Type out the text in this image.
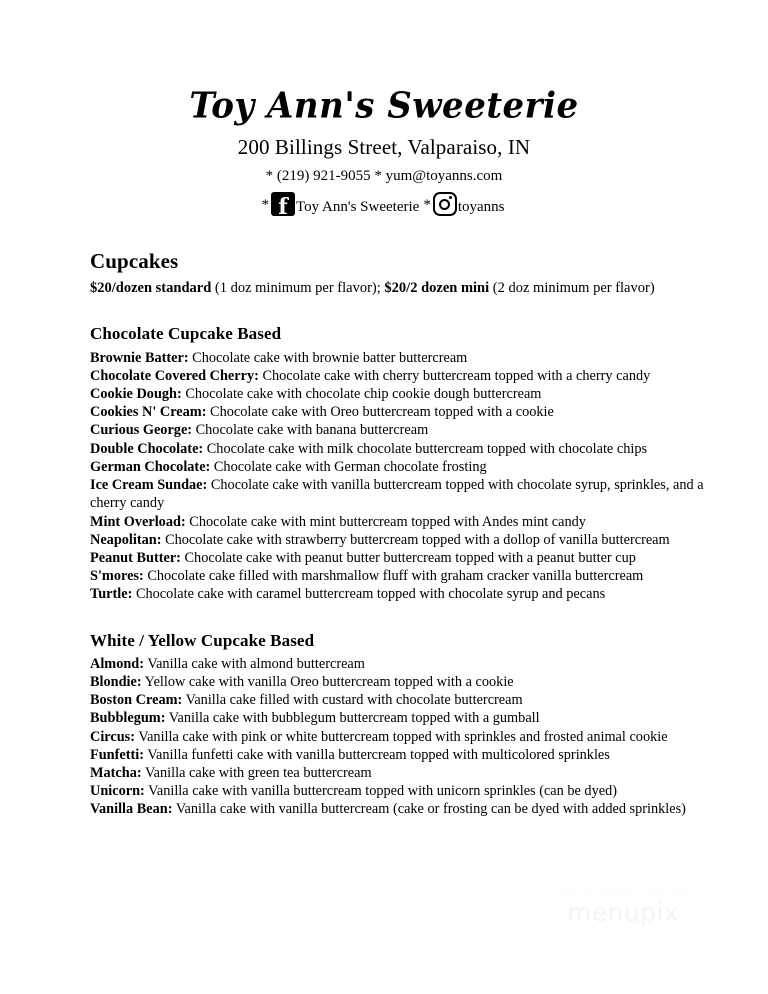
Toy Ann's Sweeterie
200 Billings Street, Valparaiso, IN
* (219) 921-9055 * yum@toyanns.com
* f Toy Ann's Sweeterie * toyanns
Cupcakes
$20/dozen standard (1 doz minimum per flavor); $20/2 dozen mini (2 doz minimum per flavor)
Chocolate Cupcake Based
Brownie Batter: Chocolate cake with brownie batter buttercream
Chocolate Covered Cherry: Chocolate cake with cherry buttercream topped with a cherry candy
Cookie Dough: Chocolate cake with chocolate chip cookie dough buttercream
Cookies N' Cream: Chocolate cake with Oreo buttercream topped with a cookie
Curious George: Chocolate cake with banana buttercream
Double Chocolate: Chocolate cake with milk chocolate buttercream topped with chocolate chips
German Chocolate: Chocolate cake with German chocolate frosting
Ice Cream Sundae: Chocolate cake with vanilla buttercream topped with chocolate syrup, sprinkles, and a cherry candy
Mint Overload: Chocolate cake with mint buttercream topped with Andes mint candy
Neapolitan: Chocolate cake with strawberry buttercream topped with a dollop of vanilla buttercream
Peanut Butter: Chocolate cake with peanut butter buttercream topped with a peanut butter cup
S'mores: Chocolate cake filled with marshmallow fluff with graham cracker vanilla buttercream
Turtle: Chocolate cake with caramel buttercream topped with chocolate syrup and pecans
White / Yellow Cupcake Based
Almond: Vanilla cake with almond buttercream
Blondie: Yellow cake with vanilla Oreo buttercream topped with a cookie
Boston Cream: Vanilla cake filled with custard with chocolate buttercream
Bubblegum: Vanilla cake with bubblegum buttercream topped with a gumball
Circus: Vanilla cake with pink or white buttercream topped with sprinkles and frosted animal cookie
Funfetti: Vanilla funfetti cake with vanilla buttercream topped with multicolored sprinkles
Matcha: Vanilla cake with green tea buttercream
Unicorn: Vanilla cake with vanilla buttercream topped with unicorn sprinkles (can be dyed)
Vanilla Bean: Vanilla cake with vanilla buttercream (cake or frosting can be dyed with added sprinkles)
find restaurants near you
menupix
